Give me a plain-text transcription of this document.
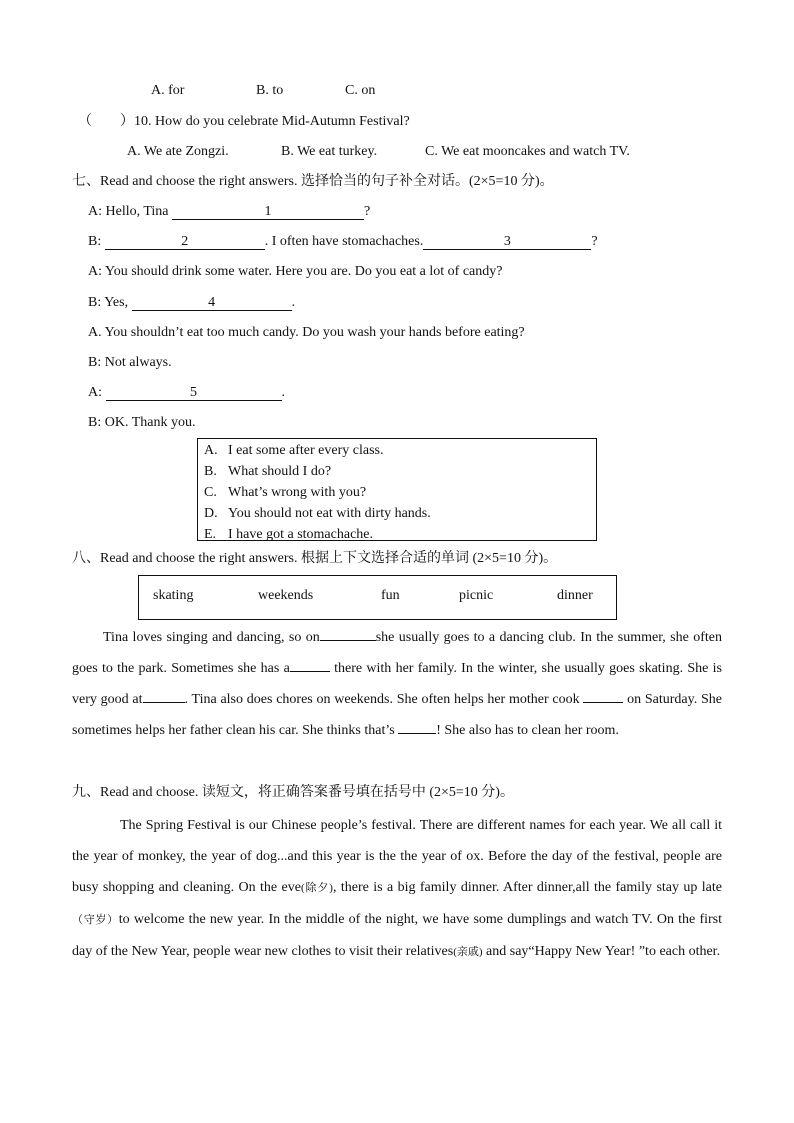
A. for	B. to	C. on
（　　）10. How do you celebrate Mid-Autumn Festival?
A. We ate Zongzi.	B. We eat turkey.	C. We eat mooncakes and watch TV.
七、Read and choose the right answers. 选择恰当的句子补全对话。(2×5=10 分)。
A: Hello, Tina	1	?
B:	2	. I often have stomachaches.	3	?
A: You should drink some water. Here you are. Do you eat a lot of candy?
B: Yes,	4	.
A. You shouldn’t eat too much candy. Do you wash your hands before eating?
B: Not always.
A:	5	.
B: OK. Thank you.
A. I eat some after every class.
B. What should I do?
C. What’s wrong with you?
D. You should not eat with dirty hands.
E. I have got a stomachache.
八、Read and choose the right answers. 根据上下文选择合适的单词 (2×5=10 分)。
skating	weekends	fun	picnic	dinner
Tina loves singing and dancing, so on	she usually goes to a dancing club. In the summer, she often goes to the park. Sometimes she has a	there with her family. In the winter, she usually goes skating. She is very good at	. Tina also does chores on weekends. She often helps her mother cook	on Saturday. She sometimes helps her father clean his car. She thinks that’s	! She also has to clean her room.
九、Read and choose. 读短文，将正确答案番号填在括号中 (2×5=10 分)。
The Spring Festival is our Chinese people’s festival. There are different names for each year. We all call it the year of monkey, the year of dog...and this year is the the year of ox. Before the day of the festival, people are busy shopping and cleaning. On the eve(除夕), there is a big family dinner. After dinner,all the family stay up late（守岁）to welcome the new year. In the middle of the night, we have some dumplings and watch TV. On the first day of the New Year, people wear new clothes to visit their relatives(亲戚) and say“Happy New Year! ”to each other.
